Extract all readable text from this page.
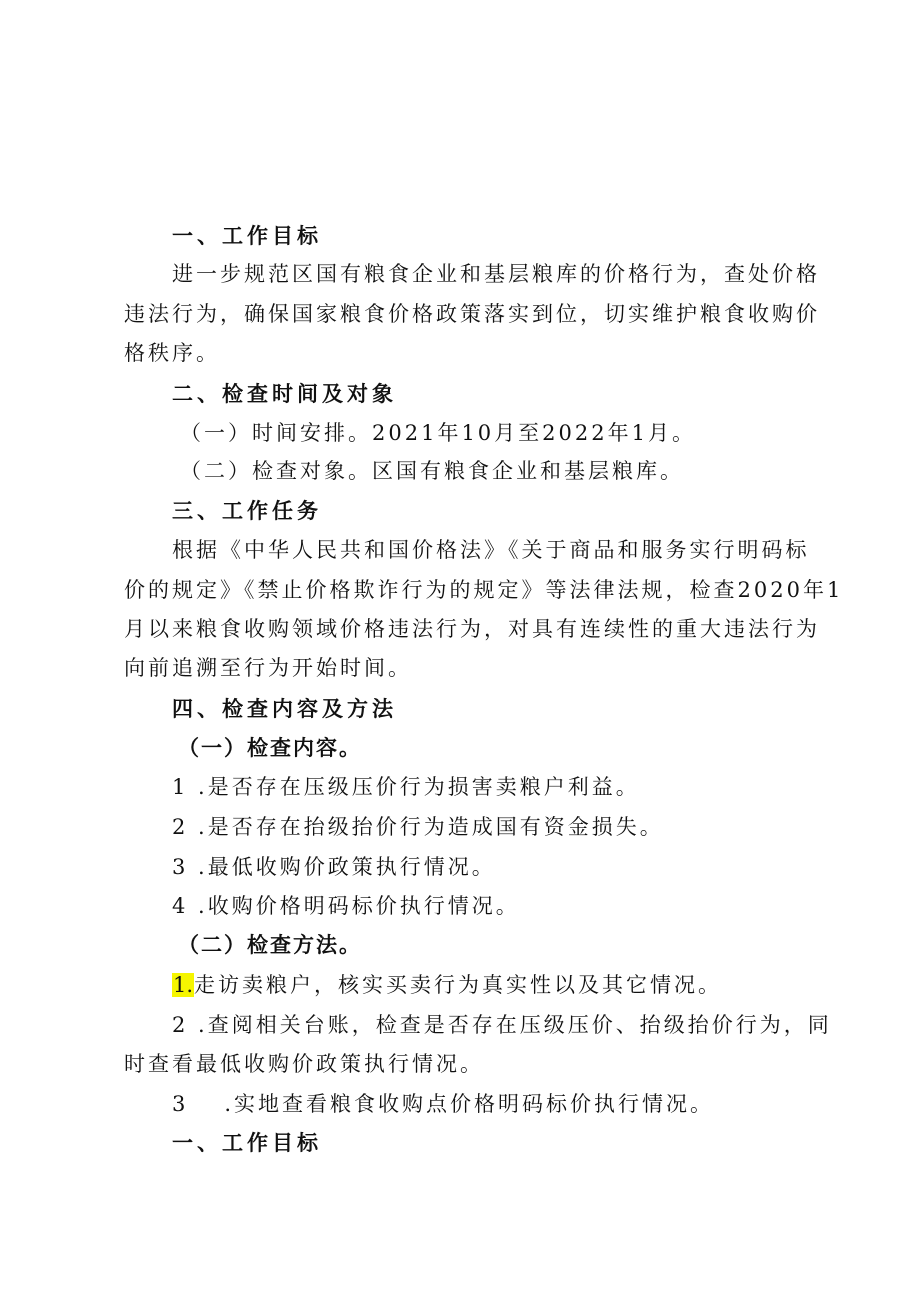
一、工作目标

进一步规范区国有粮食企业和基层粮库的价格行为，查处价格

违法行为，确保国家粮食价格政策落实到位，切实维护粮食收购价

格秩序。

二、检查时间及对象

（一）时间安排。2021年10月至2022年1月。

（二）检查对象。区国有粮食企业和基层粮库。

三、工作任务

根据《中华人民共和国价格法》《关于商品和服务实行明码标

价的规定》《禁止价格欺诈行为的规定》等法律法规，检查2020年1

月以来粮食收购领域价格违法行为，对具有连续性的重大违法行为

向前追溯至行为开始时间。

四、检查内容及方法

（一）检查内容。

1 .是否存在压级压价行为损害卖粮户利益。

2 .是否存在抬级抬价行为造成国有资金损失。

3 .最低收购价政策执行情况。

4 .收购价格明码标价执行情况。

（二）检查方法。

1.走访卖粮户，核实买卖行为真实性以及其它情况。

2 .查阅相关台账，检查是否存在压级压价、抬级抬价行为，同

时查看最低收购价政策执行情况。

3 .实地查看粮食收购点价格明码标价执行情况。

一、工作目标
